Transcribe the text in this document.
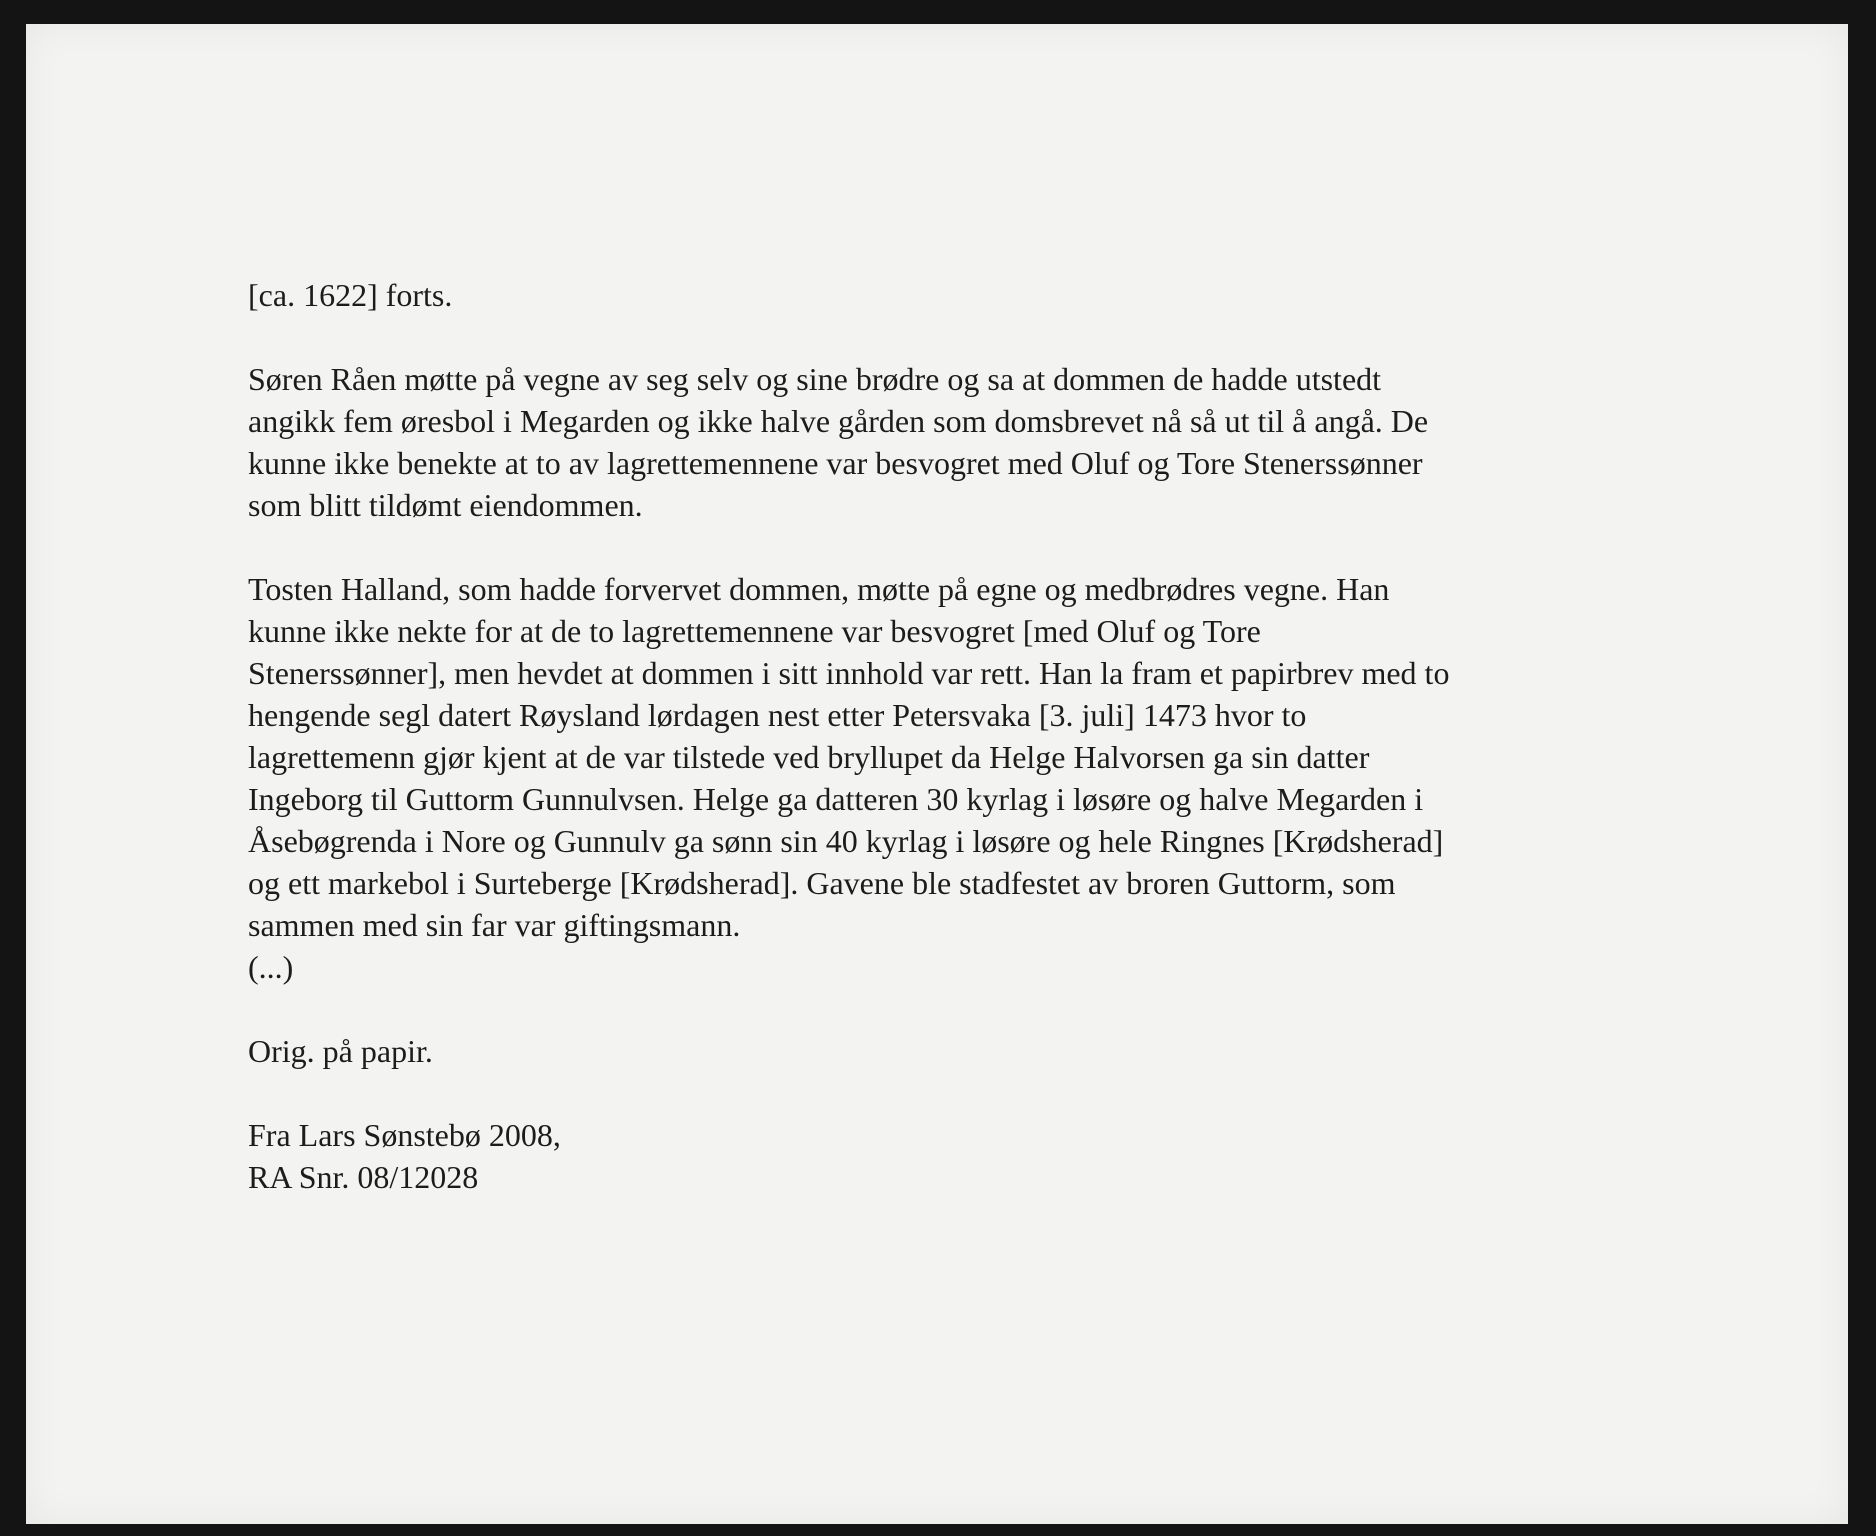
[ca. 1622] forts.
Søren Råen møtte på vegne av seg selv og sine brødre og sa at dommen de hadde utstedt
angikk fem øresbol i Megarden og ikke halve gården som domsbrevet nå så ut til å angå. De
kunne ikke benekte at to av lagrettemennene var besvogret med Oluf og Tore Stenerssønner
som blitt tildømt eiendommen.
Tosten Halland, som hadde forvervet dommen, møtte på egne og medbrødres vegne. Han
kunne ikke nekte for at de to lagrettemennene var besvogret [med Oluf og Tore
Stenerssønner], men hevdet at dommen i sitt innhold var rett. Han la fram et papirbrev med to
hengende segl datert Røysland lørdagen nest etter Petersvaka [3. juli] 1473 hvor to
lagrettemenn gjør kjent at de var tilstede ved bryllupet da Helge Halvorsen ga sin datter
Ingeborg til Guttorm Gunnulvsen. Helge ga datteren 30 kyrlag i løsøre og halve Megarden i
Åsebøgrenda i Nore og Gunnulv ga sønn sin 40 kyrlag i løsøre og hele Ringnes [Krødsherad]
og ett markebol i Surteberge [Krødsherad]. Gavene ble stadfestet av broren Guttorm, som
sammen med sin far var giftingsmann.
(...)
Orig. på papir.
Fra Lars Sønstebø 2008,
RA Snr. 08/12028
